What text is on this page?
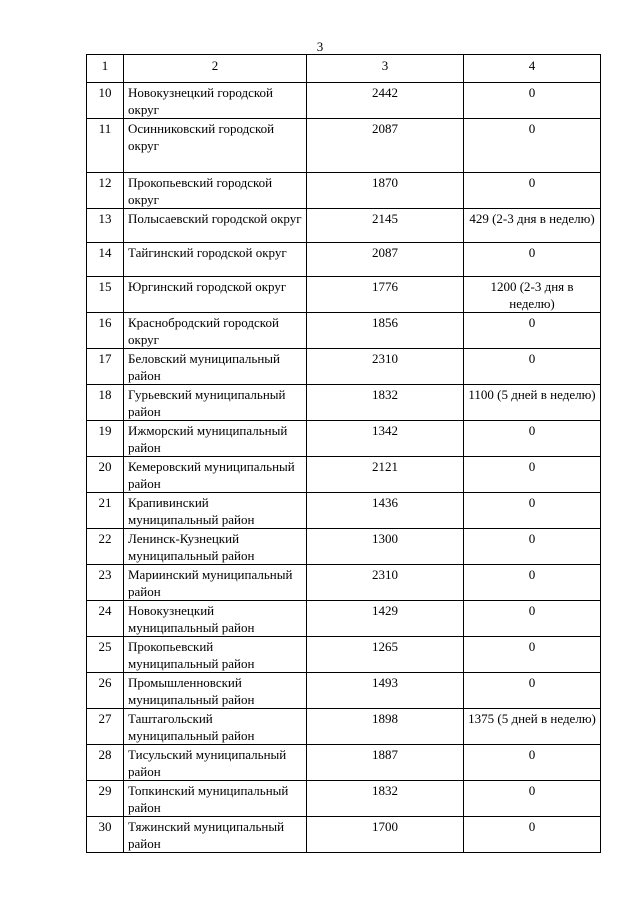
3
1	2	3	4
10	Новокузнецкий городской округ	2442	0
11	Осинниковский городской округ	2087	0
12	Прокопьевский городской округ	1870	0
13	Полысаевский городской округ	2145	429 (2-3 дня в неделю)
14	Тайгинский городской округ	2087	0
15	Юргинский городской округ	1776	1200 (2-3 дня в неделю)
16	Краснобродский городской округ	1856	0
17	Беловский муниципальный район	2310	0
18	Гурьевский муниципальный район	1832	1100 (5 дней в неделю)
19	Ижморский муниципальный район	1342	0
20	Кемеровский муниципальный район	2121	0
21	Крапивинский муниципальный район	1436	0
22	Ленинск-Кузнецкий муниципальный район	1300	0
23	Мариинский муниципальный район	2310	0
24	Новокузнецкий муниципальный район	1429	0
25	Прокопьевский муниципальный район	1265	0
26	Промышленновский муниципальный район	1493	0
27	Таштагольский муниципальный район	1898	1375 (5 дней в неделю)
28	Тисульский муниципальный район	1887	0
29	Топкинский муниципальный район	1832	0
30	Тяжинский муниципальный район	1700	0
